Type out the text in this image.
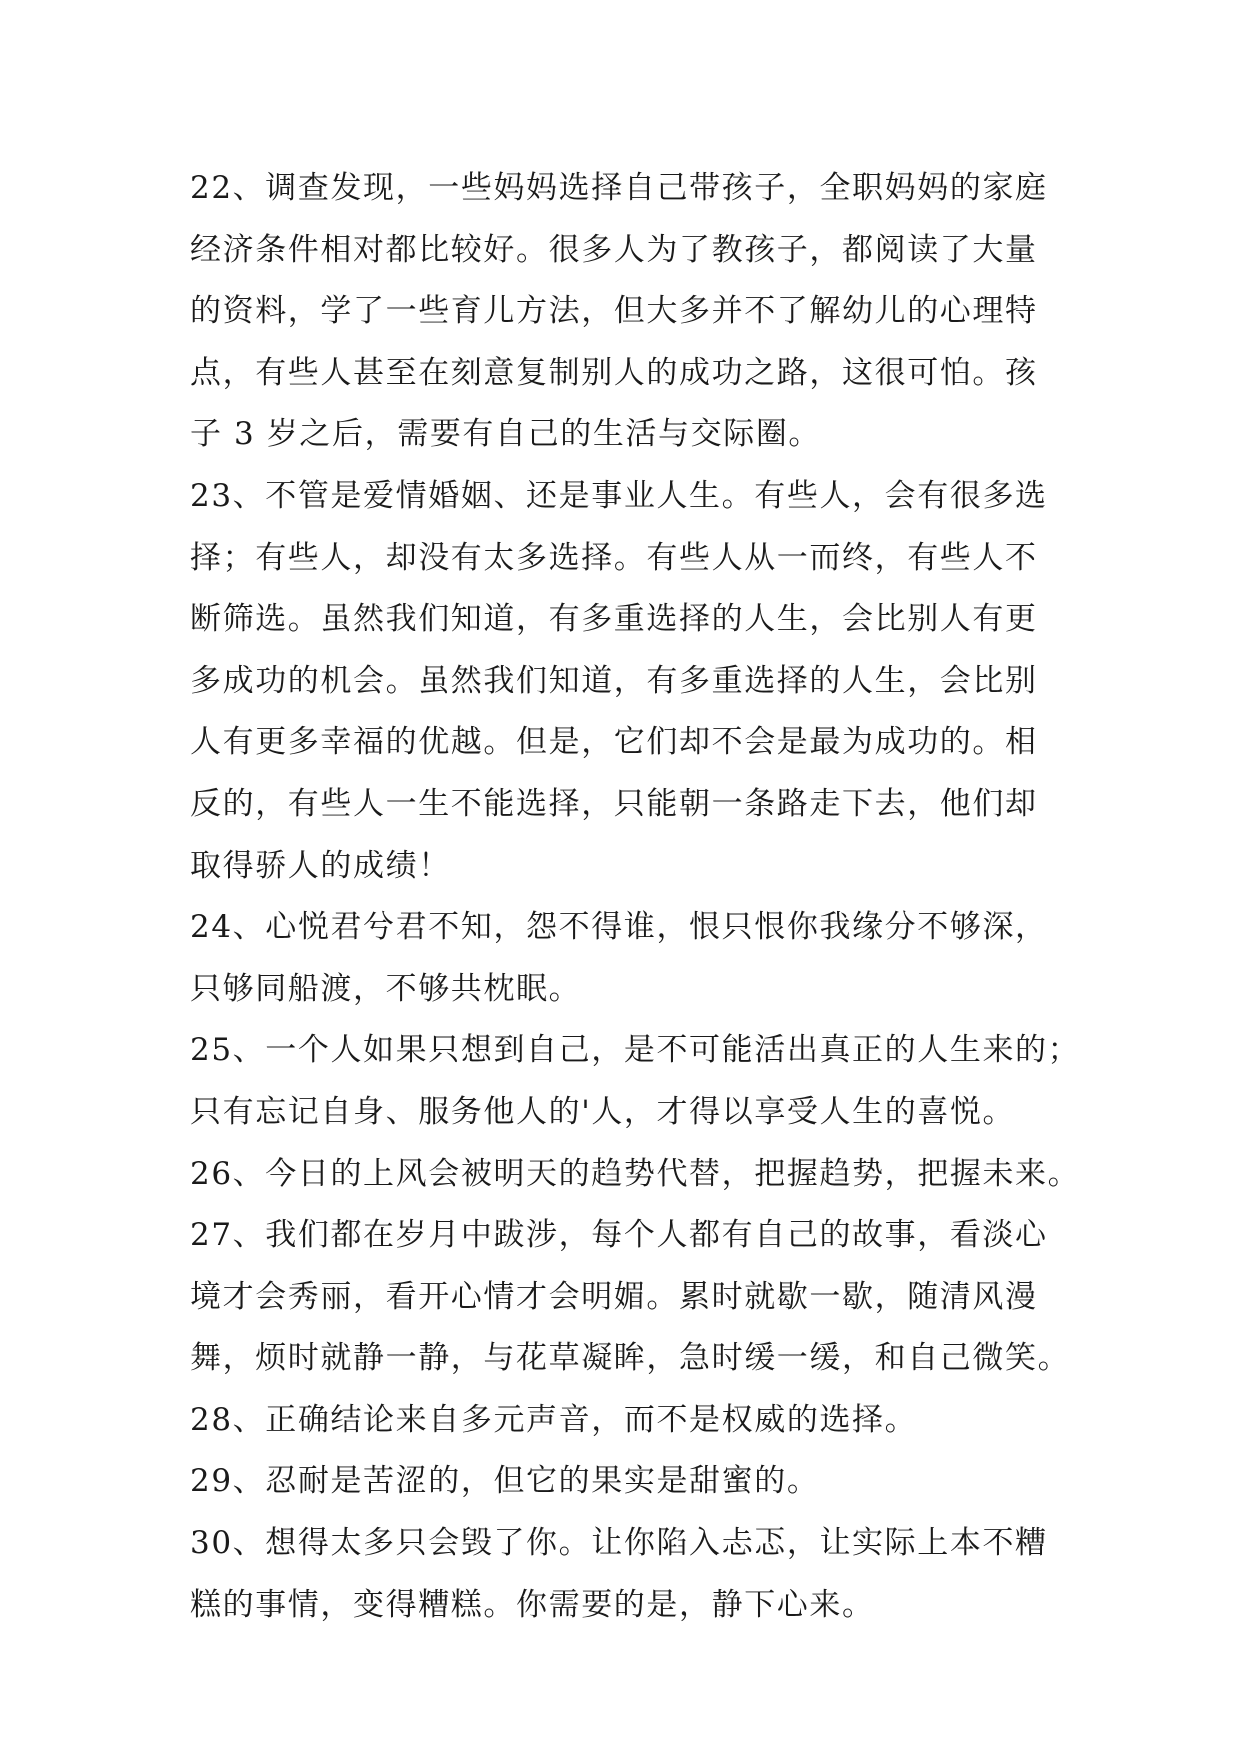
22、调查发现，一些妈妈选择自己带孩子，全职妈妈的家庭
经济条件相对都比较好。很多人为了教孩子，都阅读了大量
的资料，学了一些育儿方法，但大多并不了解幼儿的心理特
点，有些人甚至在刻意复制别人的成功之路，这很可怕。孩
子 3 岁之后，需要有自己的生活与交际圈。
23、不管是爱情婚姻、还是事业人生。有些人，会有很多选
择；有些人，却没有太多选择。有些人从一而终，有些人不
断筛选。虽然我们知道，有多重选择的人生，会比别人有更
多成功的机会。虽然我们知道，有多重选择的人生，会比别
人有更多幸福的优越。但是，它们却不会是最为成功的。相
反的，有些人一生不能选择，只能朝一条路走下去，他们却
取得骄人的成绩！
24、心悦君兮君不知，怨不得谁，恨只恨你我缘分不够深，
只够同船渡，不够共枕眠。
25、一个人如果只想到自己，是不可能活出真正的人生来的；
只有忘记自身、服务他人的'人，才得以享受人生的喜悦。
26、今日的上风会被明天的趋势代替，把握趋势，把握未来。
27、我们都在岁月中跋涉，每个人都有自己的故事，看淡心
境才会秀丽，看开心情才会明媚。累时就歇一歇，随清风漫
舞，烦时就静一静，与花草凝眸，急时缓一缓，和自己微笑。
28、正确结论来自多元声音，而不是权威的选择。
29、忍耐是苦涩的，但它的果实是甜蜜的。
30、想得太多只会毁了你。让你陷入忐忑，让实际上本不糟
糕的事情，变得糟糕。你需要的是，静下心来。
